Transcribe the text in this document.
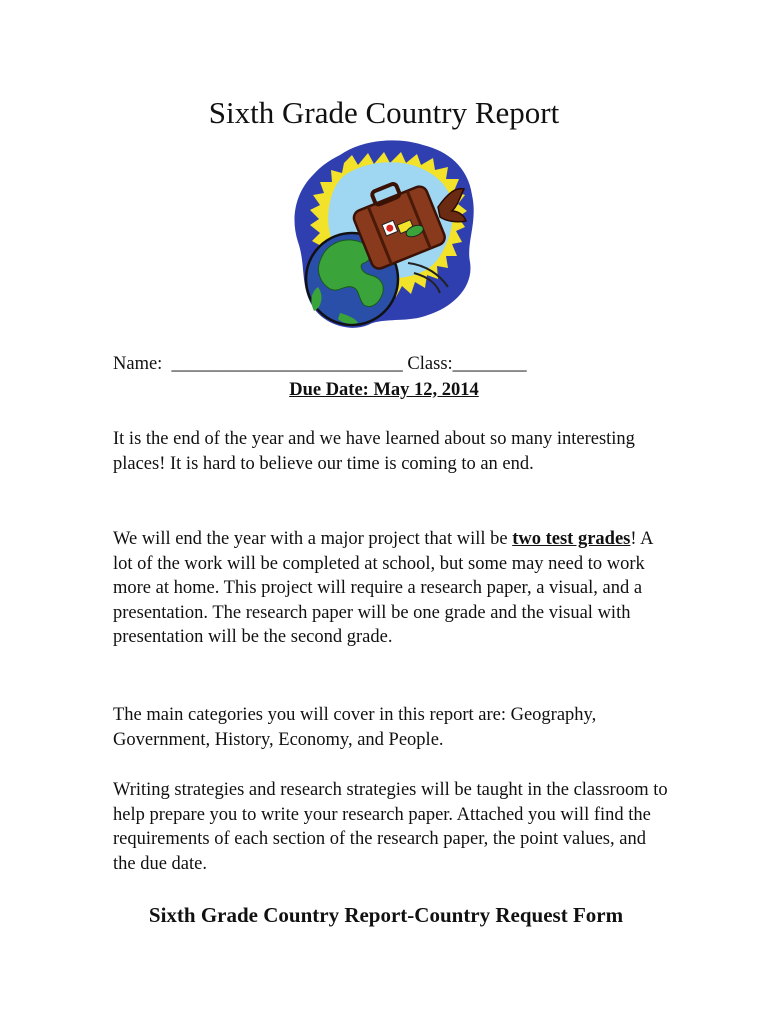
Sixth Grade Country Report
Name:  _________________________ Class:________
Due Date: May 12, 2014
It is the end of the year and we have learned about so many interesting places! It is hard to believe our time is coming to an end.
We will end the year with a major project that will be two test grades! A lot of the work will be completed at school, but some may need to work more at home. This project will require a research paper, a visual, and a presentation. The research paper will be one grade and the visual with presentation will be the second grade.
The main categories you will cover in this report are: Geography, Government, History, Economy, and People.
Writing strategies and research strategies will be taught in the classroom to help prepare you to write your research paper. Attached you will find the requirements of each section of the research paper, the point values, and the due date.
Sixth Grade Country Report-Country Request Form
